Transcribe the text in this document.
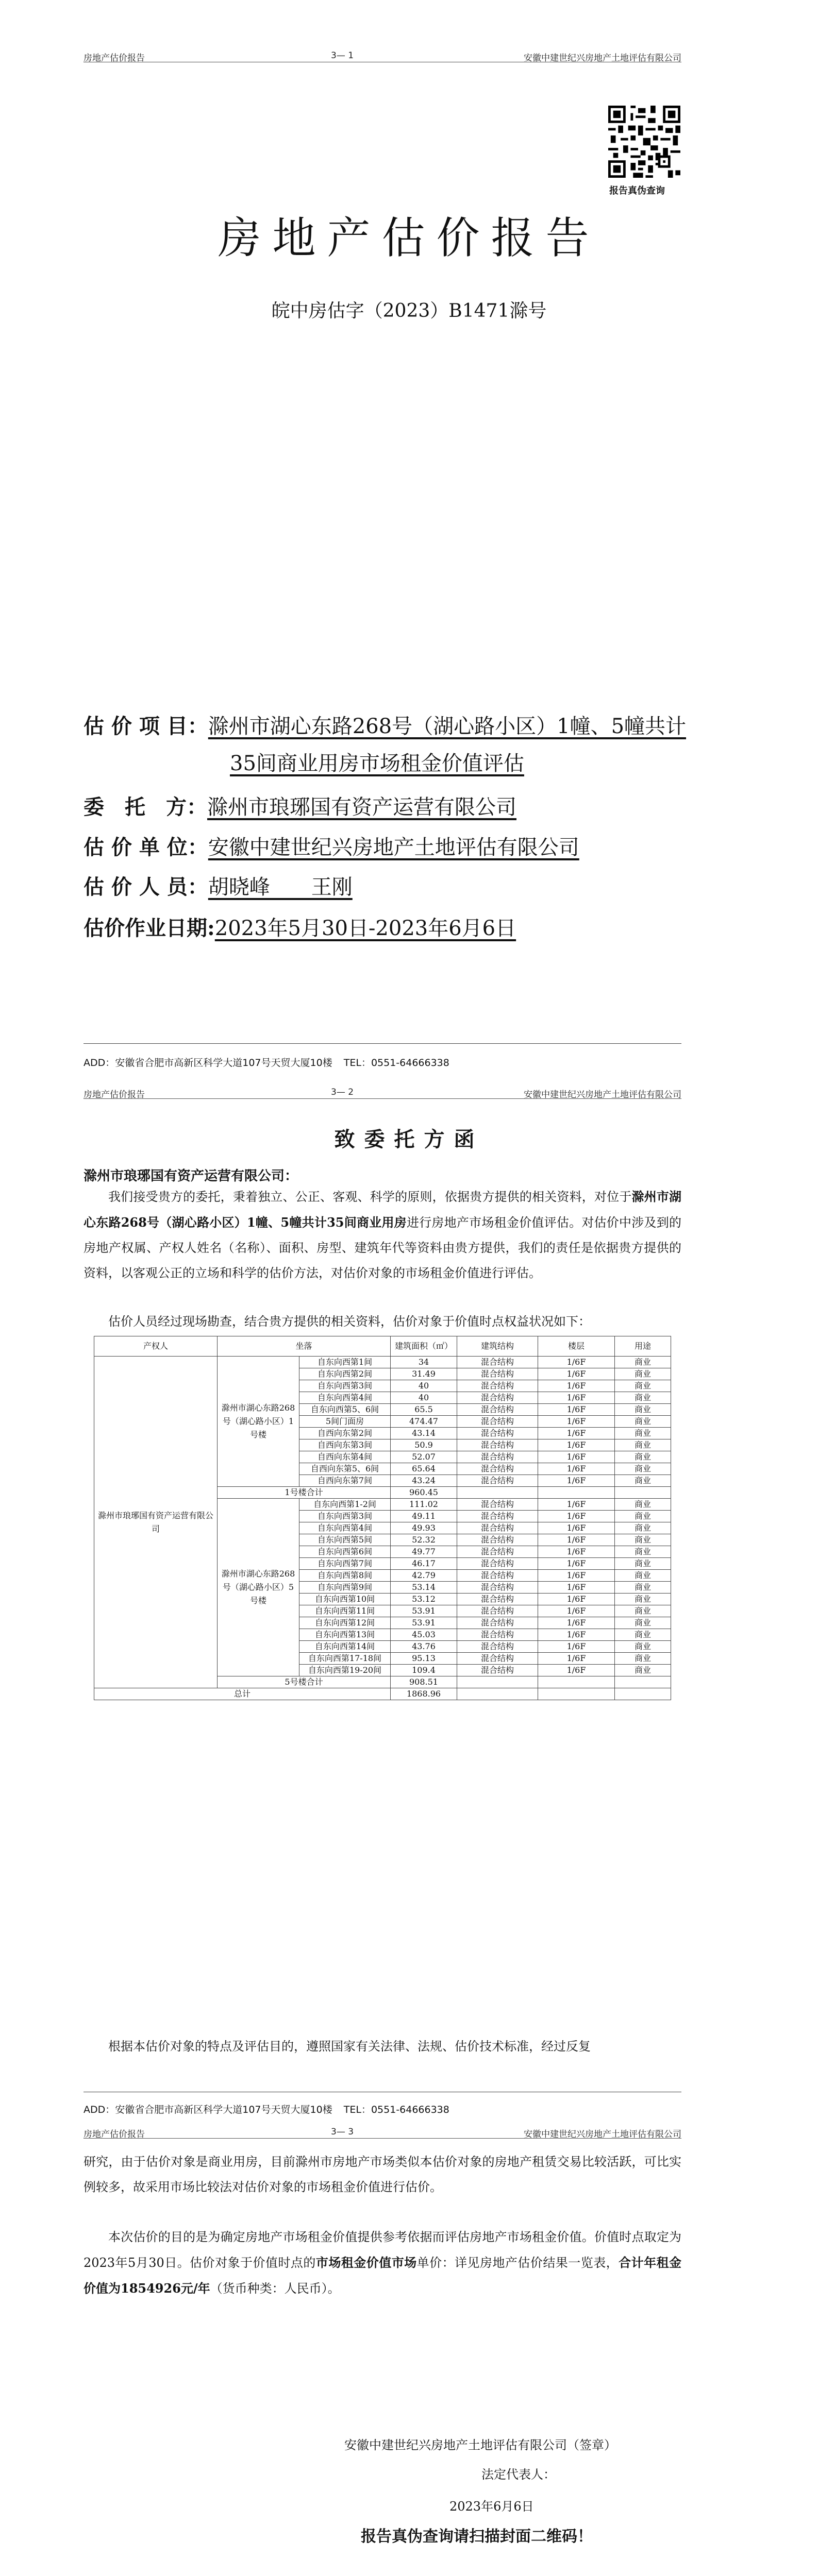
房地产估价报告	3— 1	安徽中建世纪兴房地产土地评估有限公司
报告真伪查询
房地产估价报告
皖中房估字（2023）B1471滁号
估 价 项 目：滁州市湖心东路268号（湖心路小区）1幢、5幢共计
35间商业用房市场租金价值评估
委　托　方：滁州市琅琊国有资产运营有限公司
估 价 单 位：安徽中建世纪兴房地产土地评估有限公司
估 价 人 员：胡晓峰　　王刚
估价作业日期:2023年5月30日-2023年6月6日
ADD：安徽省合肥市高新区科学大道107号天贸大厦10楼 TEL：0551-64666338
房地产估价报告	3— 2	安徽中建世纪兴房地产土地评估有限公司
致委托方函
滁州市琅琊国有资产运营有限公司：
我们接受贵方的委托，秉着独立、公正、客观、科学的原则，依据贵方提供的相关资料，对位于滁州市湖心东路268号（湖心路小区）1幢、5幢共计35间商业用房进行房地产市场租金价值评估。对估价中涉及到的房地产权属、产权人姓名（名称）、面积、房型、建筑年代等资料由贵方提供，我们的责任是依据贵方提供的资料，以客观公正的立场和科学的估价方法，对估价对象的市场租金价值进行评估。
估价人员经过现场勘查，结合贵方提供的相关资料，估价对象于价值时点权益状况如下：
产权人	坐落		建筑面积（㎡）	建筑结构	楼层	用途
滁州市琅琊国有资产运营有限公司	滁州市湖心东路268号（湖心路小区）1号楼	自东向西第1间	34	混合结构	1/6F	商业
		自东向西第2间	31.49	混合结构	1/6F	商业
		自东向西第3间	40	混合结构	1/6F	商业
		自东向西第4间	40	混合结构	1/6F	商业
		自东向西第5、6间	65.5	混合结构	1/6F	商业
		5间门面房	474.47	混合结构	1/6F	商业
		自西向东第2间	43.14	混合结构	1/6F	商业
		自西向东第3间	50.9	混合结构	1/6F	商业
		自西向东第4间	52.07	混合结构	1/6F	商业
		自西向东第5、6间	65.64	混合结构	1/6F	商业
		自西向东第7间	43.24	混合结构	1/6F	商业
	1号楼合计		960.45			
	滁州市湖心东路268号（湖心路小区）5号楼	自东向西第1-2间	111.02	混合结构	1/6F	商业
		自东向西第3间	49.11	混合结构	1/6F	商业
		自东向西第4间	49.93	混合结构	1/6F	商业
		自东向西第5间	52.32	混合结构	1/6F	商业
		自东向西第6间	49.77	混合结构	1/6F	商业
		自东向西第7间	46.17	混合结构	1/6F	商业
		自东向西第8间	42.79	混合结构	1/6F	商业
		自东向西第9间	53.14	混合结构	1/6F	商业
		自东向西第10间	53.12	混合结构	1/6F	商业
		自东向西第11间	53.91	混合结构	1/6F	商业
		自东向西第12间	53.91	混合结构	1/6F	商业
		自东向西第13间	45.03	混合结构	1/6F	商业
		自东向西第14间	43.76	混合结构	1/6F	商业
		自东向西第17-18间	95.13	混合结构	1/6F	商业
		自东向西第19-20间	109.4	混合结构	1/6F	商业
	5号楼合计		908.51			
总计			1868.96			
根据本估价对象的特点及评估目的，遵照国家有关法律、法规、估价技术标准，经过反复
ADD：安徽省合肥市高新区科学大道107号天贸大厦10楼 TEL：0551-64666338
房地产估价报告	3— 3	安徽中建世纪兴房地产土地评估有限公司
研究，由于估价对象是商业用房，目前滁州市房地产市场类似本估价对象的房地产租赁交易比较活跃，可比实例较多，故采用市场比较法对估价对象的市场租金价值进行估价。
本次估价的目的是为确定房地产市场租金价值提供参考依据而评估房地产市场租金价值。价值时点取定为2023年5月30日。估价对象于价值时点的市场租金价值市场单价：详见房地产估价结果一览表，合计年租金价值为1854926元/年（货币种类：人民币）。
安徽中建世纪兴房地产土地评估有限公司（签章）
法定代表人：
2023年6月6日
报告真伪查询请扫描封面二维码！
